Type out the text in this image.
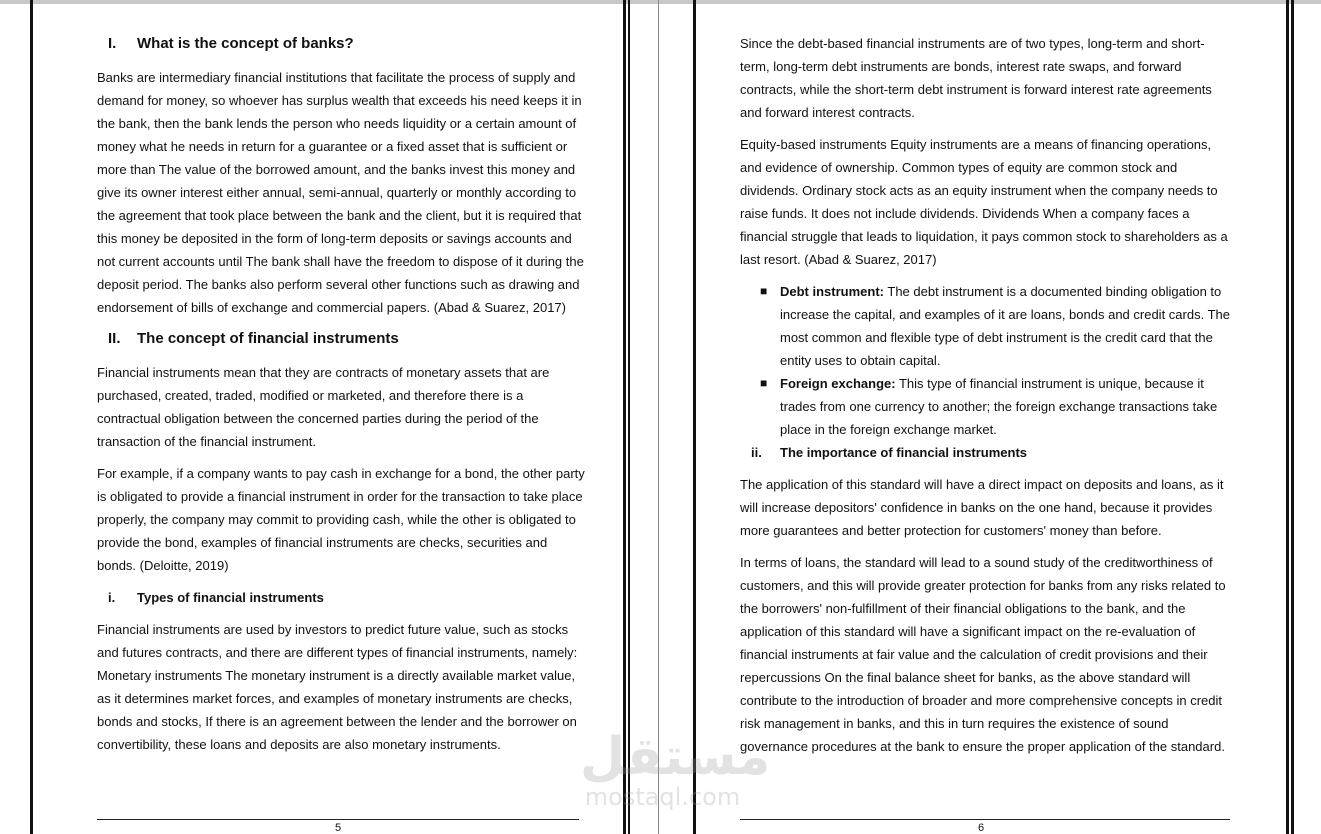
I. What is the concept of banks?

Banks are intermediary financial institutions that facilitate the process of supply and demand for money, so whoever has surplus wealth that exceeds his need keeps it in the bank, then the bank lends the person who needs liquidity or a certain amount of money what he needs in return for a guarantee or a fixed asset that is sufficient or more than The value of the borrowed amount, and the banks invest this money and give its owner interest either annual, semi-annual, quarterly or monthly according to the agreement that took place between the bank and the client, but it is required that this money be deposited in the form of long-term deposits or savings accounts and not current accounts until The bank shall have the freedom to dispose of it during the deposit period. The banks also perform several other functions such as drawing and endorsement of bills of exchange and commercial papers. (Abad & Suarez, 2017)

II. The concept of financial instruments

Financial instruments mean that they are contracts of monetary assets that are purchased, created, traded, modified or marketed, and therefore there is a contractual obligation between the concerned parties during the period of the transaction of the financial instrument.

For example, if a company wants to pay cash in exchange for a bond, the other party is obligated to provide a financial instrument in order for the transaction to take place properly, the company may commit to providing cash, while the other is obligated to provide the bond, examples of financial instruments are checks, securities and bonds. (Deloitte, 2019)

i. Types of financial instruments

Financial instruments are used by investors to predict future value, such as stocks and futures contracts, and there are different types of financial instruments, namely: Monetary instruments The monetary instrument is a directly available market value, as it determines market forces, and examples of monetary instruments are checks, bonds and stocks, If there is an agreement between the lender and the borrower on convertibility, these loans and deposits are also monetary instruments.

5

Since the debt-based financial instruments are of two types, long-term and short-term, long-term debt instruments are bonds, interest rate swaps, and forward contracts, while the short-term debt instrument is forward interest rate agreements and forward interest contracts.

Equity-based instruments Equity instruments are a means of financing operations, and evidence of ownership. Common types of equity are common stock and dividends. Ordinary stock acts as an equity instrument when the company needs to raise funds. It does not include dividends. Dividends When a company faces a financial struggle that leads to liquidation, it pays common stock to shareholders as a last resort. (Abad & Suarez, 2017)

■ Debt instrument: The debt instrument is a documented binding obligation to increase the capital, and examples of it are loans, bonds and credit cards. The most common and flexible type of debt instrument is the credit card that the entity uses to obtain capital.
■ Foreign exchange: This type of financial instrument is unique, because it trades from one currency to another; the foreign exchange transactions take place in the foreign exchange market.
ii. The importance of financial instruments

The application of this standard will have a direct impact on deposits and loans, as it will increase depositors' confidence in banks on the one hand, because it provides more guarantees and better protection for customers' money than before.

In terms of loans, the standard will lead to a sound study of the creditworthiness of customers, and this will provide greater protection for banks from any risks related to the borrowers' non-fulfillment of their financial obligations to the bank, and the application of this standard will have a significant impact on the re-evaluation of financial instruments at fair value and the calculation of credit provisions and their repercussions On the final balance sheet for banks, as the above standard will contribute to the introduction of broader and more comprehensive concepts in credit risk management in banks, and this in turn requires the existence of sound governance procedures at the bank to ensure the proper application of the standard.

6
مستقل
mostaql.com
